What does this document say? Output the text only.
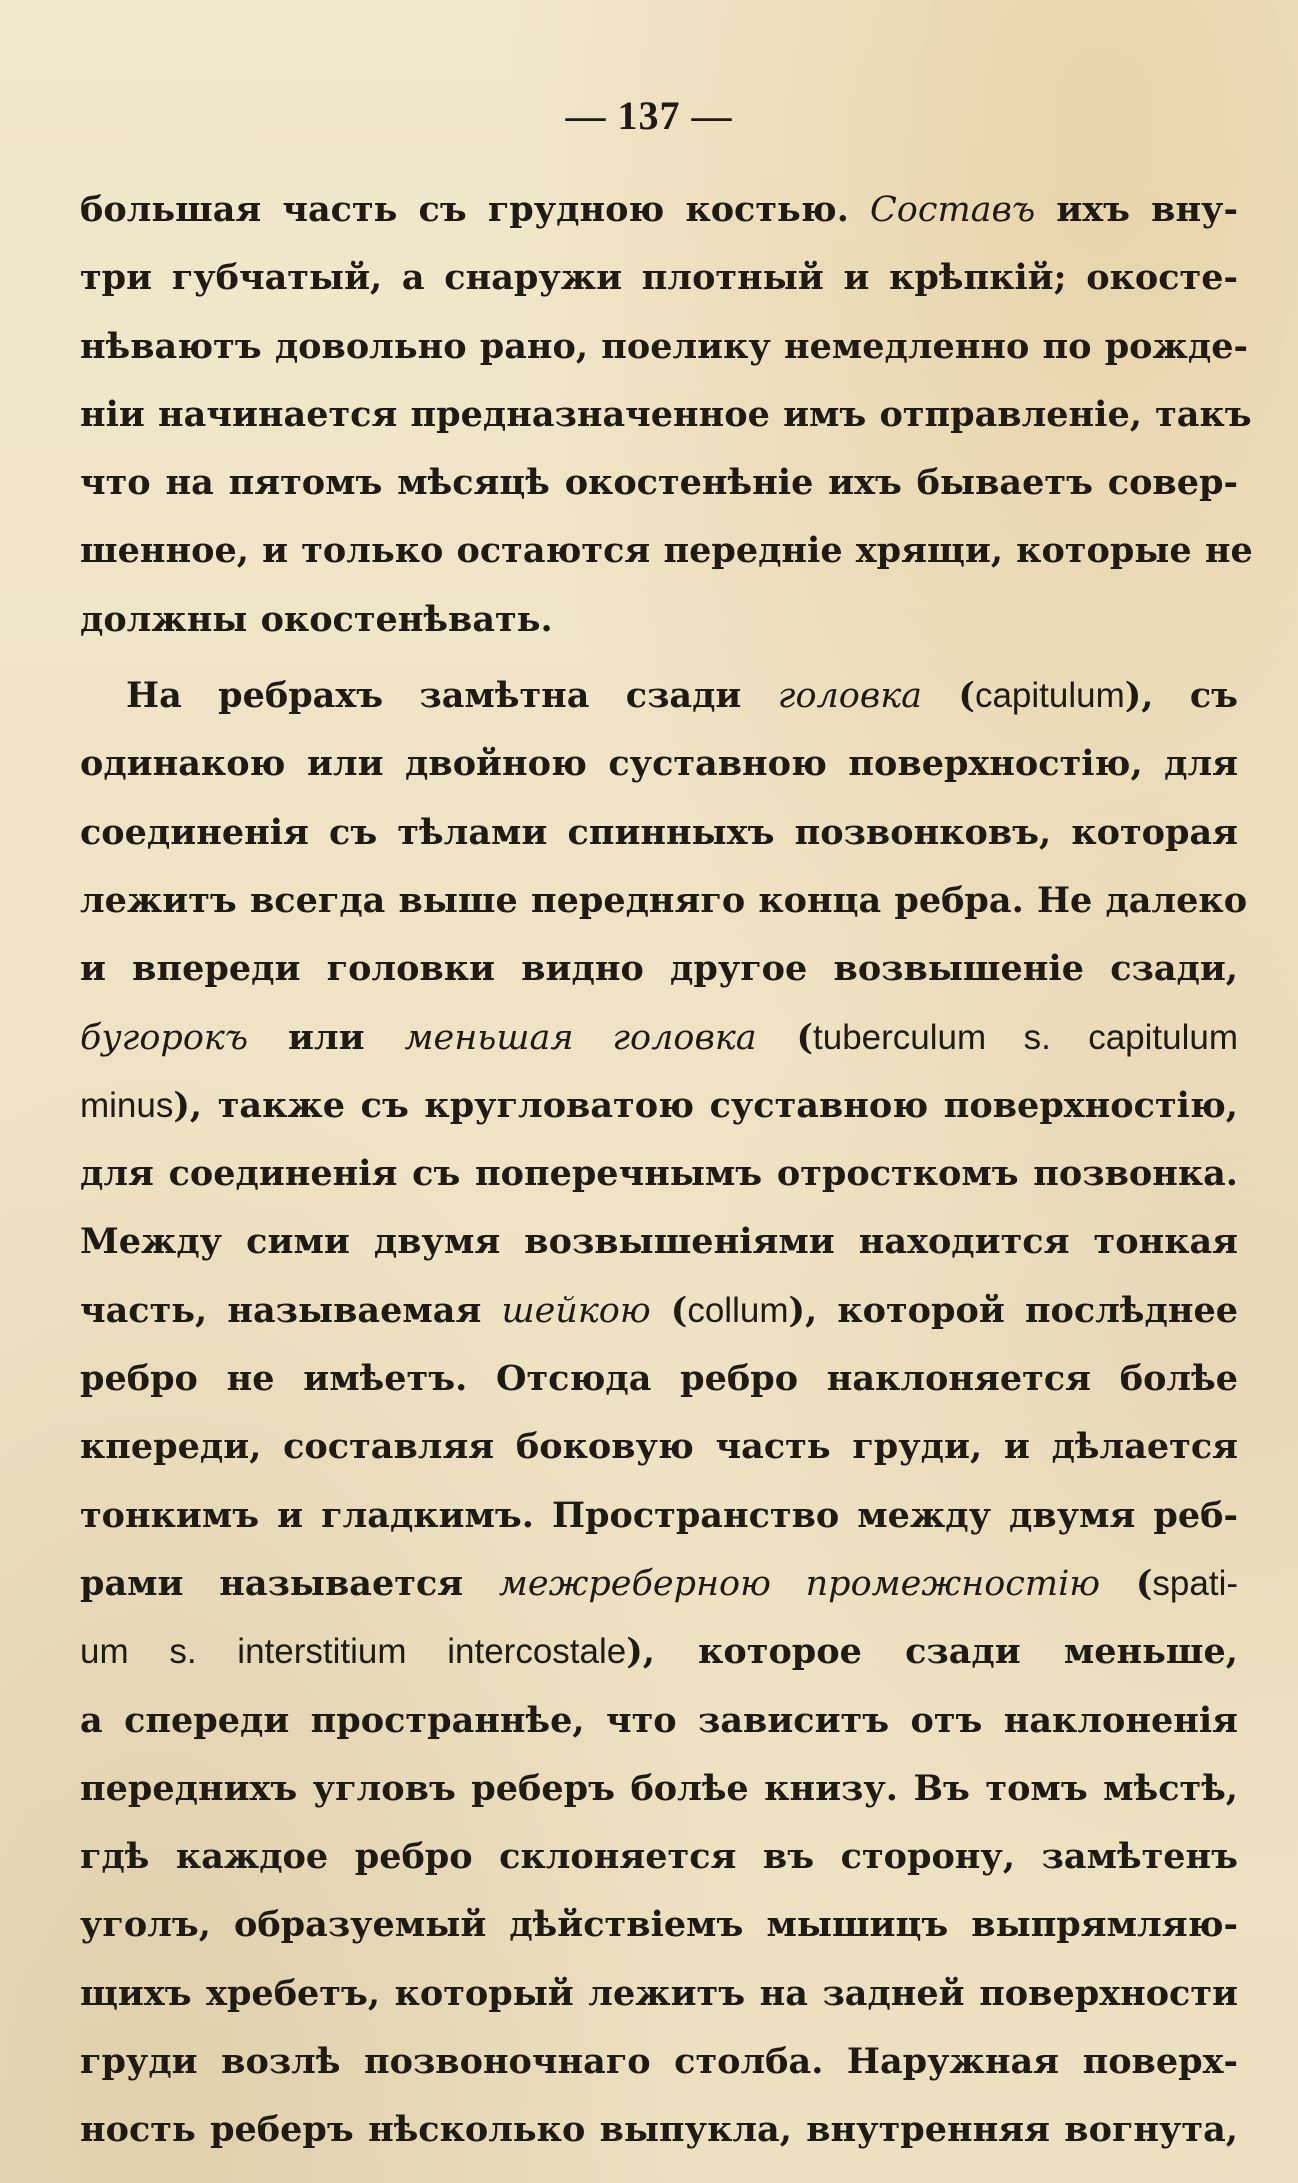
— 137 —
большая часть съ грудною костью. Составъ ихъ вну-
три губчатый, а снаружи плотный и крѣпкій; окосте-
нѣваютъ довольно рано, поелику немедленно по рожде-
ніи начинается предназначенное имъ отправленіе, такъ
что на пятомъ мѣсяцѣ окостенѣніе ихъ бываетъ совер-
шенное, и только остаются передніе хрящи, которые не
должны окостенѣвать.
На ребрахъ замѣтна сзади головка (capitulum), съ
одинакою или двойною суставною поверхностію, для
соединенія съ тѣлами спинныхъ позвонковъ, которая
лежитъ всегда выше передняго конца ребра. Не далеко
и впереди головки видно другое возвышеніе сзади,
бугорокъ или меньшая головка (tuberculum s. capitulum
minus), также съ кругловатою суставною поверхностію,
для соединенія съ поперечнымъ отросткомъ позвонка.
Между сими двумя возвышеніями находится тонкая
часть, называемая шейкою (collum), которой послѣднее
ребро не имѣетъ. Отсюда ребро наклоняется болѣе
кпереди, составляя боковую часть груди, и дѣлается
тонкимъ и гладкимъ. Пространство между двумя реб-
рами называется межреберною промежностію (spati-
um s. interstitium intercostale), которое сзади меньше,
а спереди пространнѣе, что зависитъ отъ наклоненія
переднихъ угловъ реберъ болѣе книзу. Въ томъ мѣстѣ,
гдѣ каждое ребро склоняется въ сторону, замѣтенъ
уголъ, образуемый дѣйствіемъ мышицъ выпрямляю-
щихъ хребетъ, который лежитъ на задней поверхности
груди возлѣ позвоночнаго столба. Наружная поверх-
ность реберъ нѣсколько выпукла, внутренняя вогнута,
